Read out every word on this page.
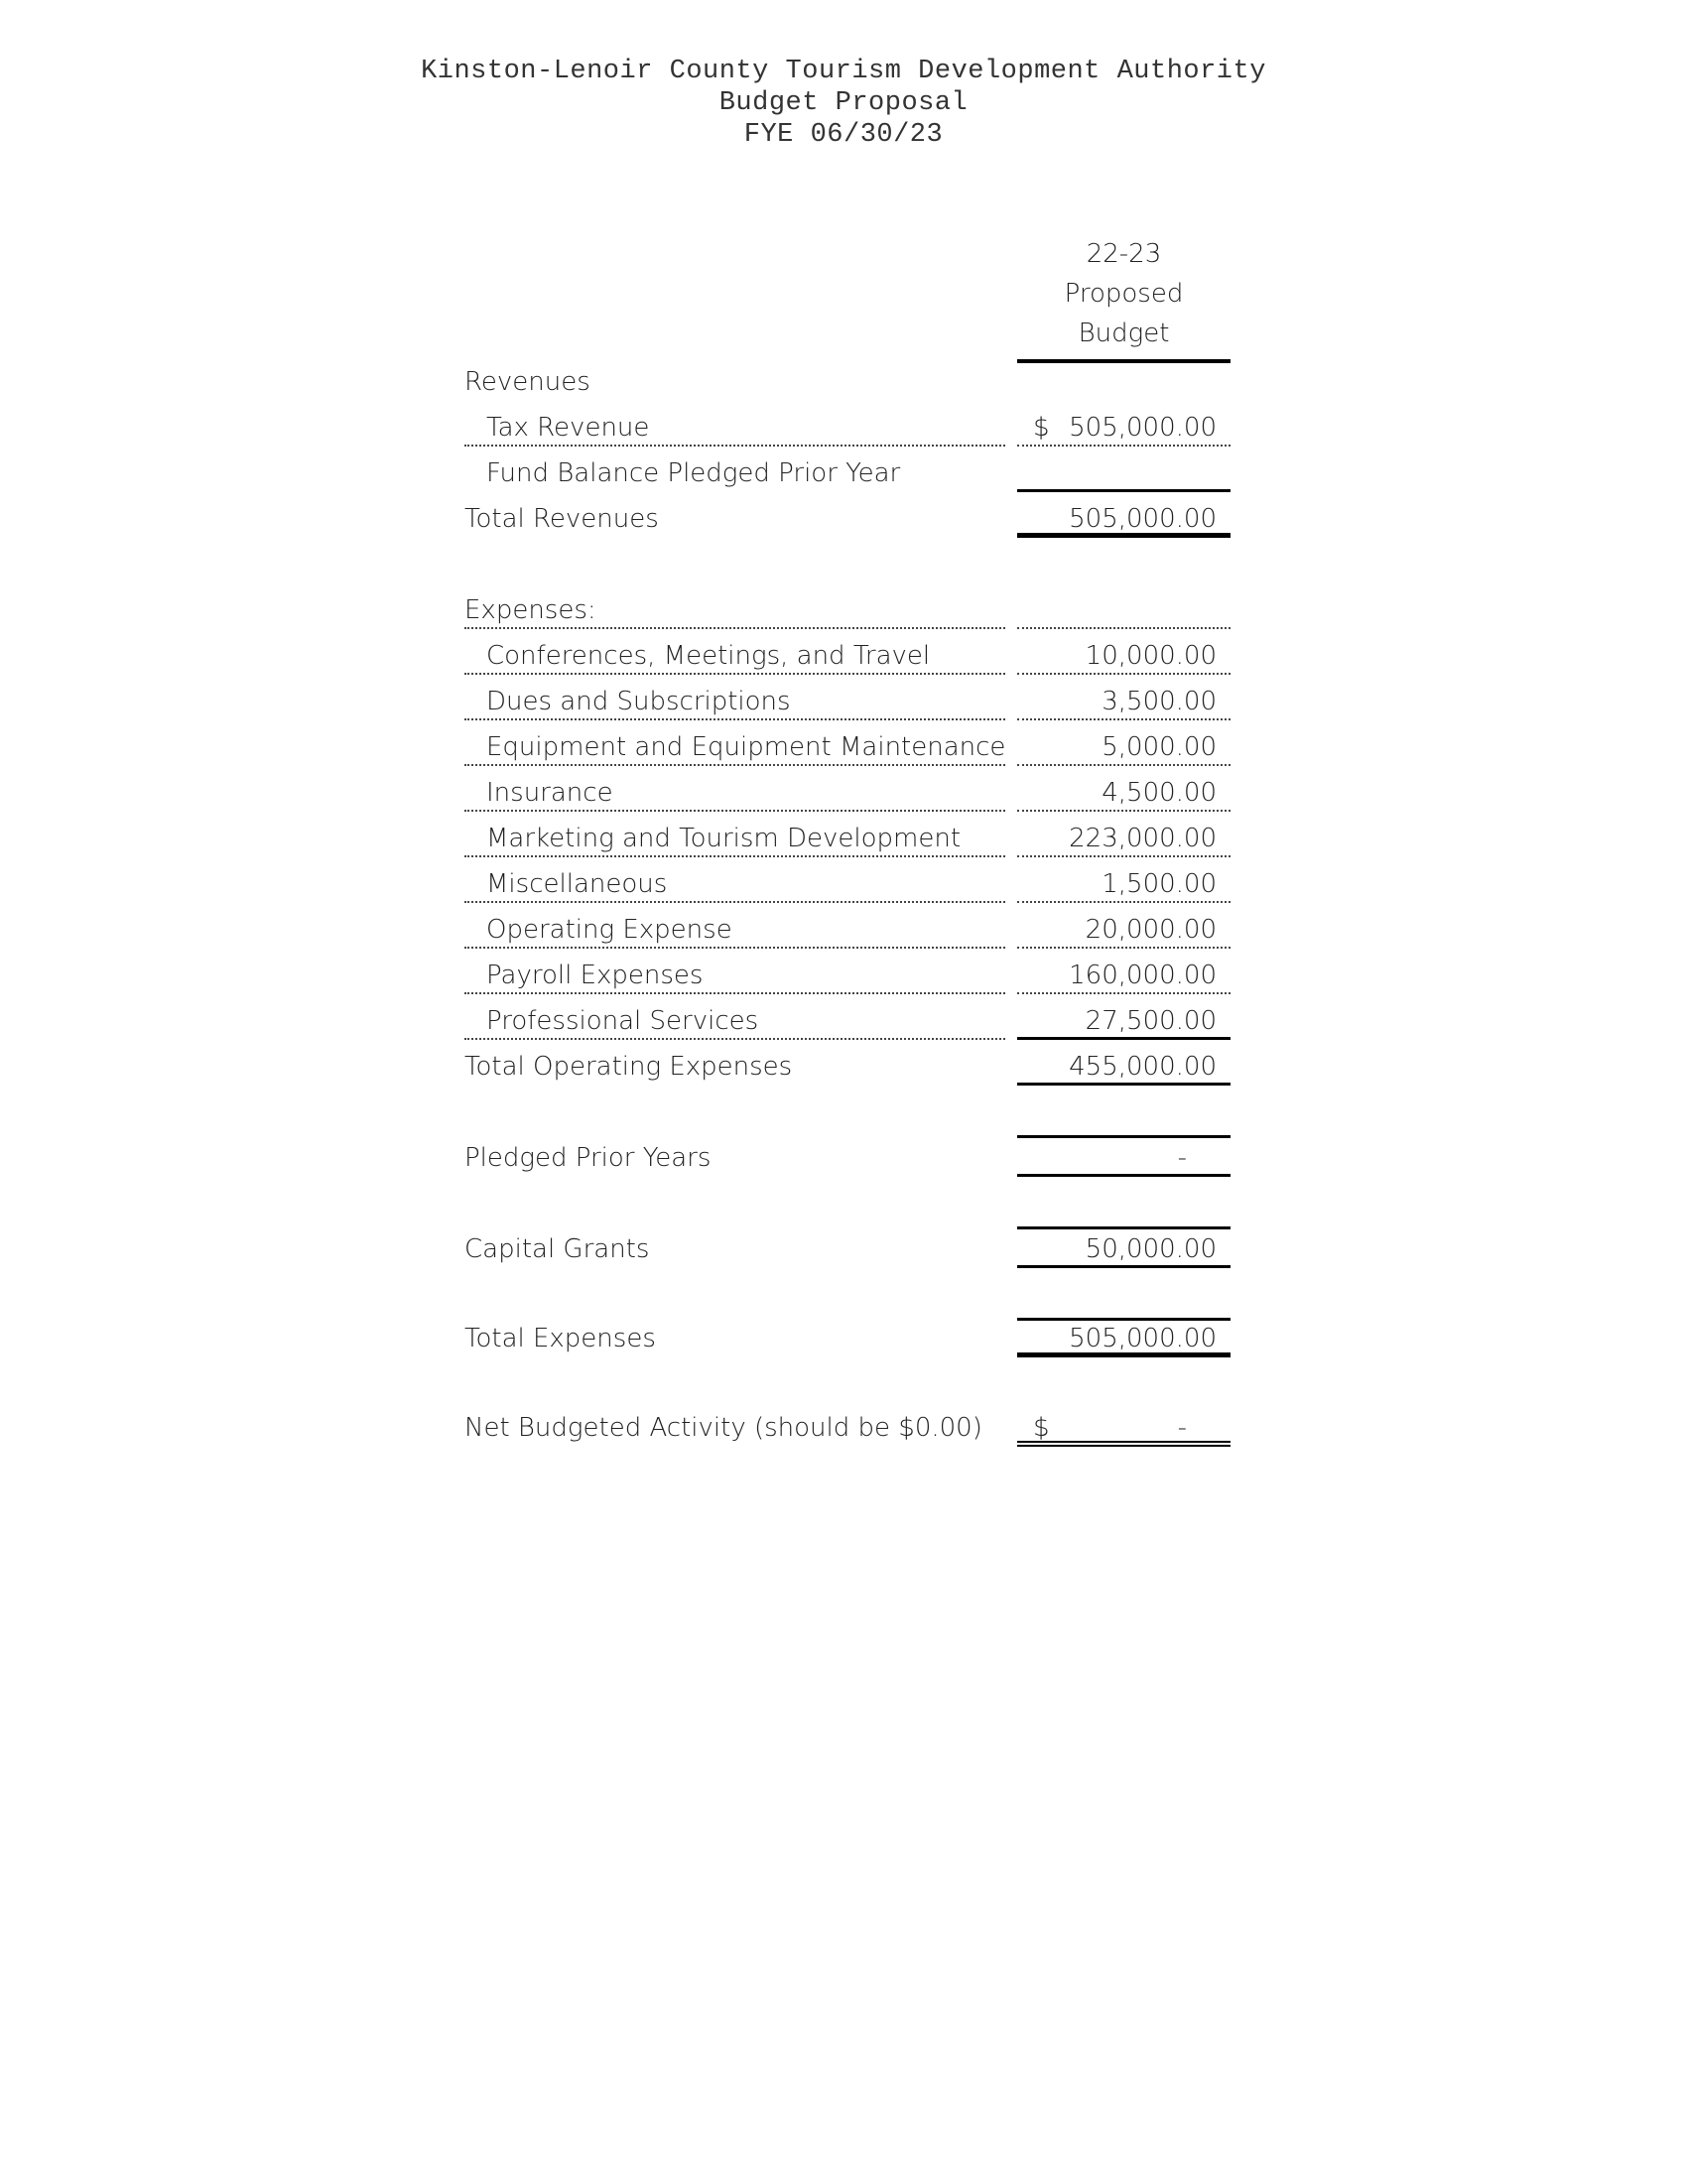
Kinston-Lenoir County Tourism Development Authority
Budget Proposal
FYE 06/30/23
22-23
Proposed
Budget
Revenues
Tax Revenue	$ 505,000.00
Fund Balance Pledged Prior Year
Total Revenues	505,000.00
Expenses:
Conferences, Meetings, and Travel	10,000.00
Dues and Subscriptions	3,500.00
Equipment and Equipment Maintenance	5,000.00
Insurance	4,500.00
Marketing and Tourism Development	223,000.00
Miscellaneous	1,500.00
Operating Expense	20,000.00
Payroll Expenses	160,000.00
Professional Services	27,500.00
Total Operating Expenses	455,000.00
Pledged Prior Years	-
Capital Grants	50,000.00
Total Expenses	505,000.00
Net Budgeted Activity (should be $0.00)	$	-
